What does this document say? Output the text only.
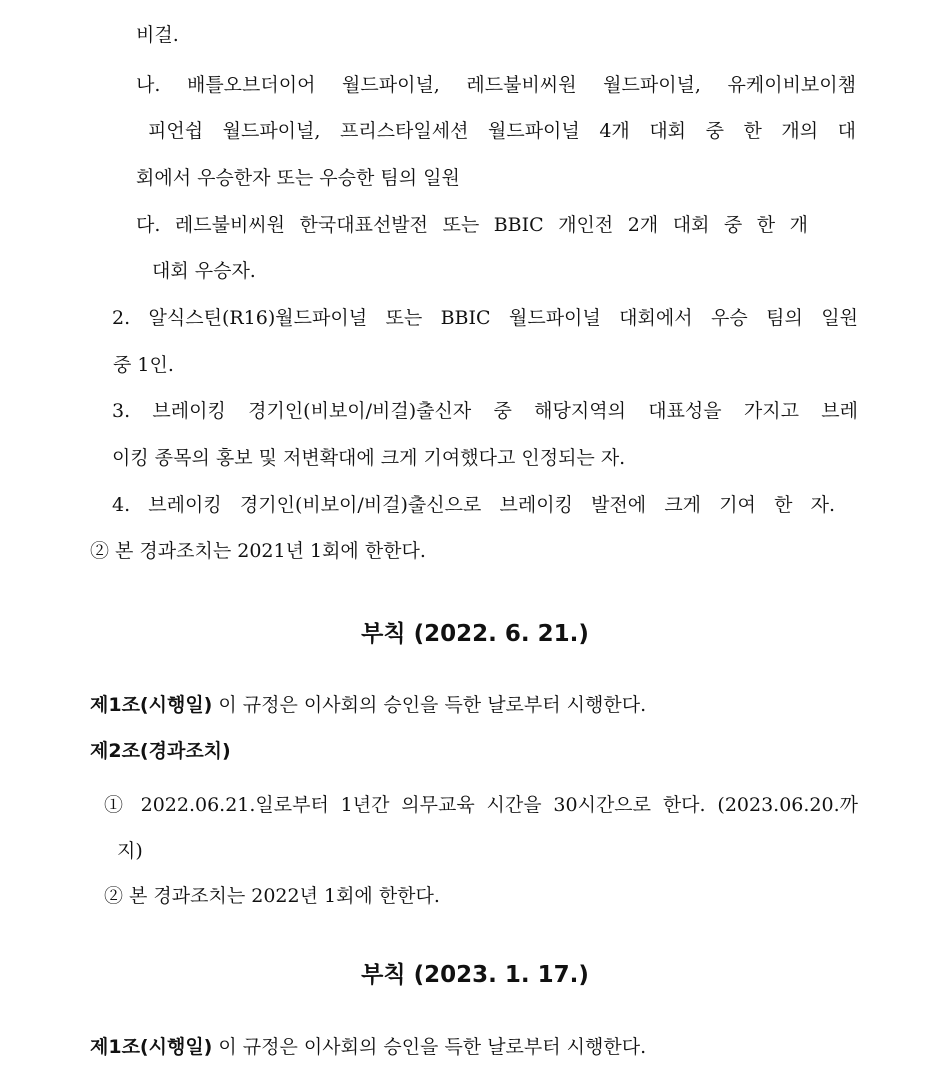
비걸.
나. 배틀오브더이어 월드파이널, 레드불비씨원 월드파이널, 유케이비보이챔
피언쉽 월드파이널, 프리스타일세션 월드파이널 4개 대회 중 한 개의 대
회에서 우승한자 또는 우승한 팀의 일원
다. 레드불비씨원 한국대표선발전 또는 BBIC 개인전 2개 대회 중 한 개
대회 우승자.
2. 알식스틴(R16)월드파이널 또는 BBIC 월드파이널 대회에서 우승 팀의 일원
중 1인.
3. 브레이킹 경기인(비보이/비걸)출신자 중 해당지역의 대표성을 가지고 브레
이킹 종목의 홍보 및 저변확대에 크게 기여했다고 인정되는 자.
4. 브레이킹 경기인(비보이/비걸)출신으로 브레이킹 발전에 크게 기여 한 자.
② 본 경과조치는 2021년 1회에 한한다.
부칙 (2022. 6. 21.)
제1조(시행일) 이 규정은 이사회의 승인을 득한 날로부터 시행한다.
제2조(경과조치)
① 2022.06.21.일로부터 1년간 의무교육 시간을 30시간으로 한다. (2023.06.20.까
지)
② 본 경과조치는 2022년 1회에 한한다.
부칙 (2023. 1. 17.)
제1조(시행일) 이 규정은 이사회의 승인을 득한 날로부터 시행한다.
